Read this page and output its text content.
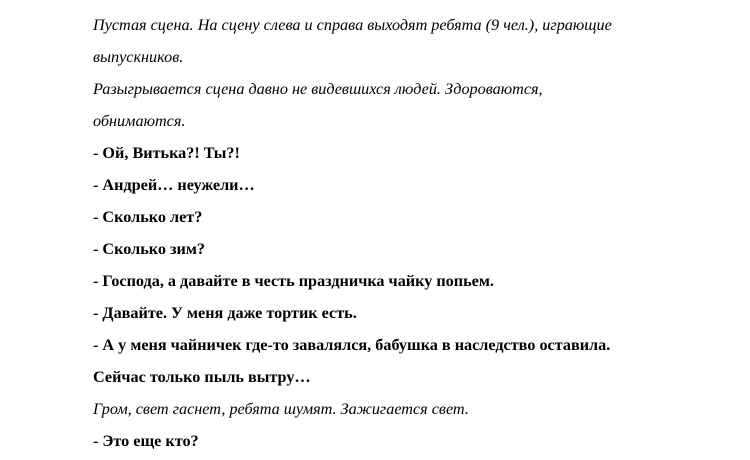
Пустая сцена. На сцену слева и справа выходят ребята (9 чел.), играющие

выпускников.

Разыгрывается сцена давно не видевшихся людей. Здороваются,

обнимаются.

- Ой, Витька?! Ты?!

- Андрей… неужели…

- Сколько лет?

- Сколько зим?

- Господа, а давайте в честь праздничка чайку попьем.

- Давайте. У меня даже тортик есть.

- А у меня чайничек где-то завалялся, бабушка в наследство оставила.

Сейчас только пыль вытру…

Гром, свет гаснет, ребята шумят. Зажигается свет.

- Это еще кто?
